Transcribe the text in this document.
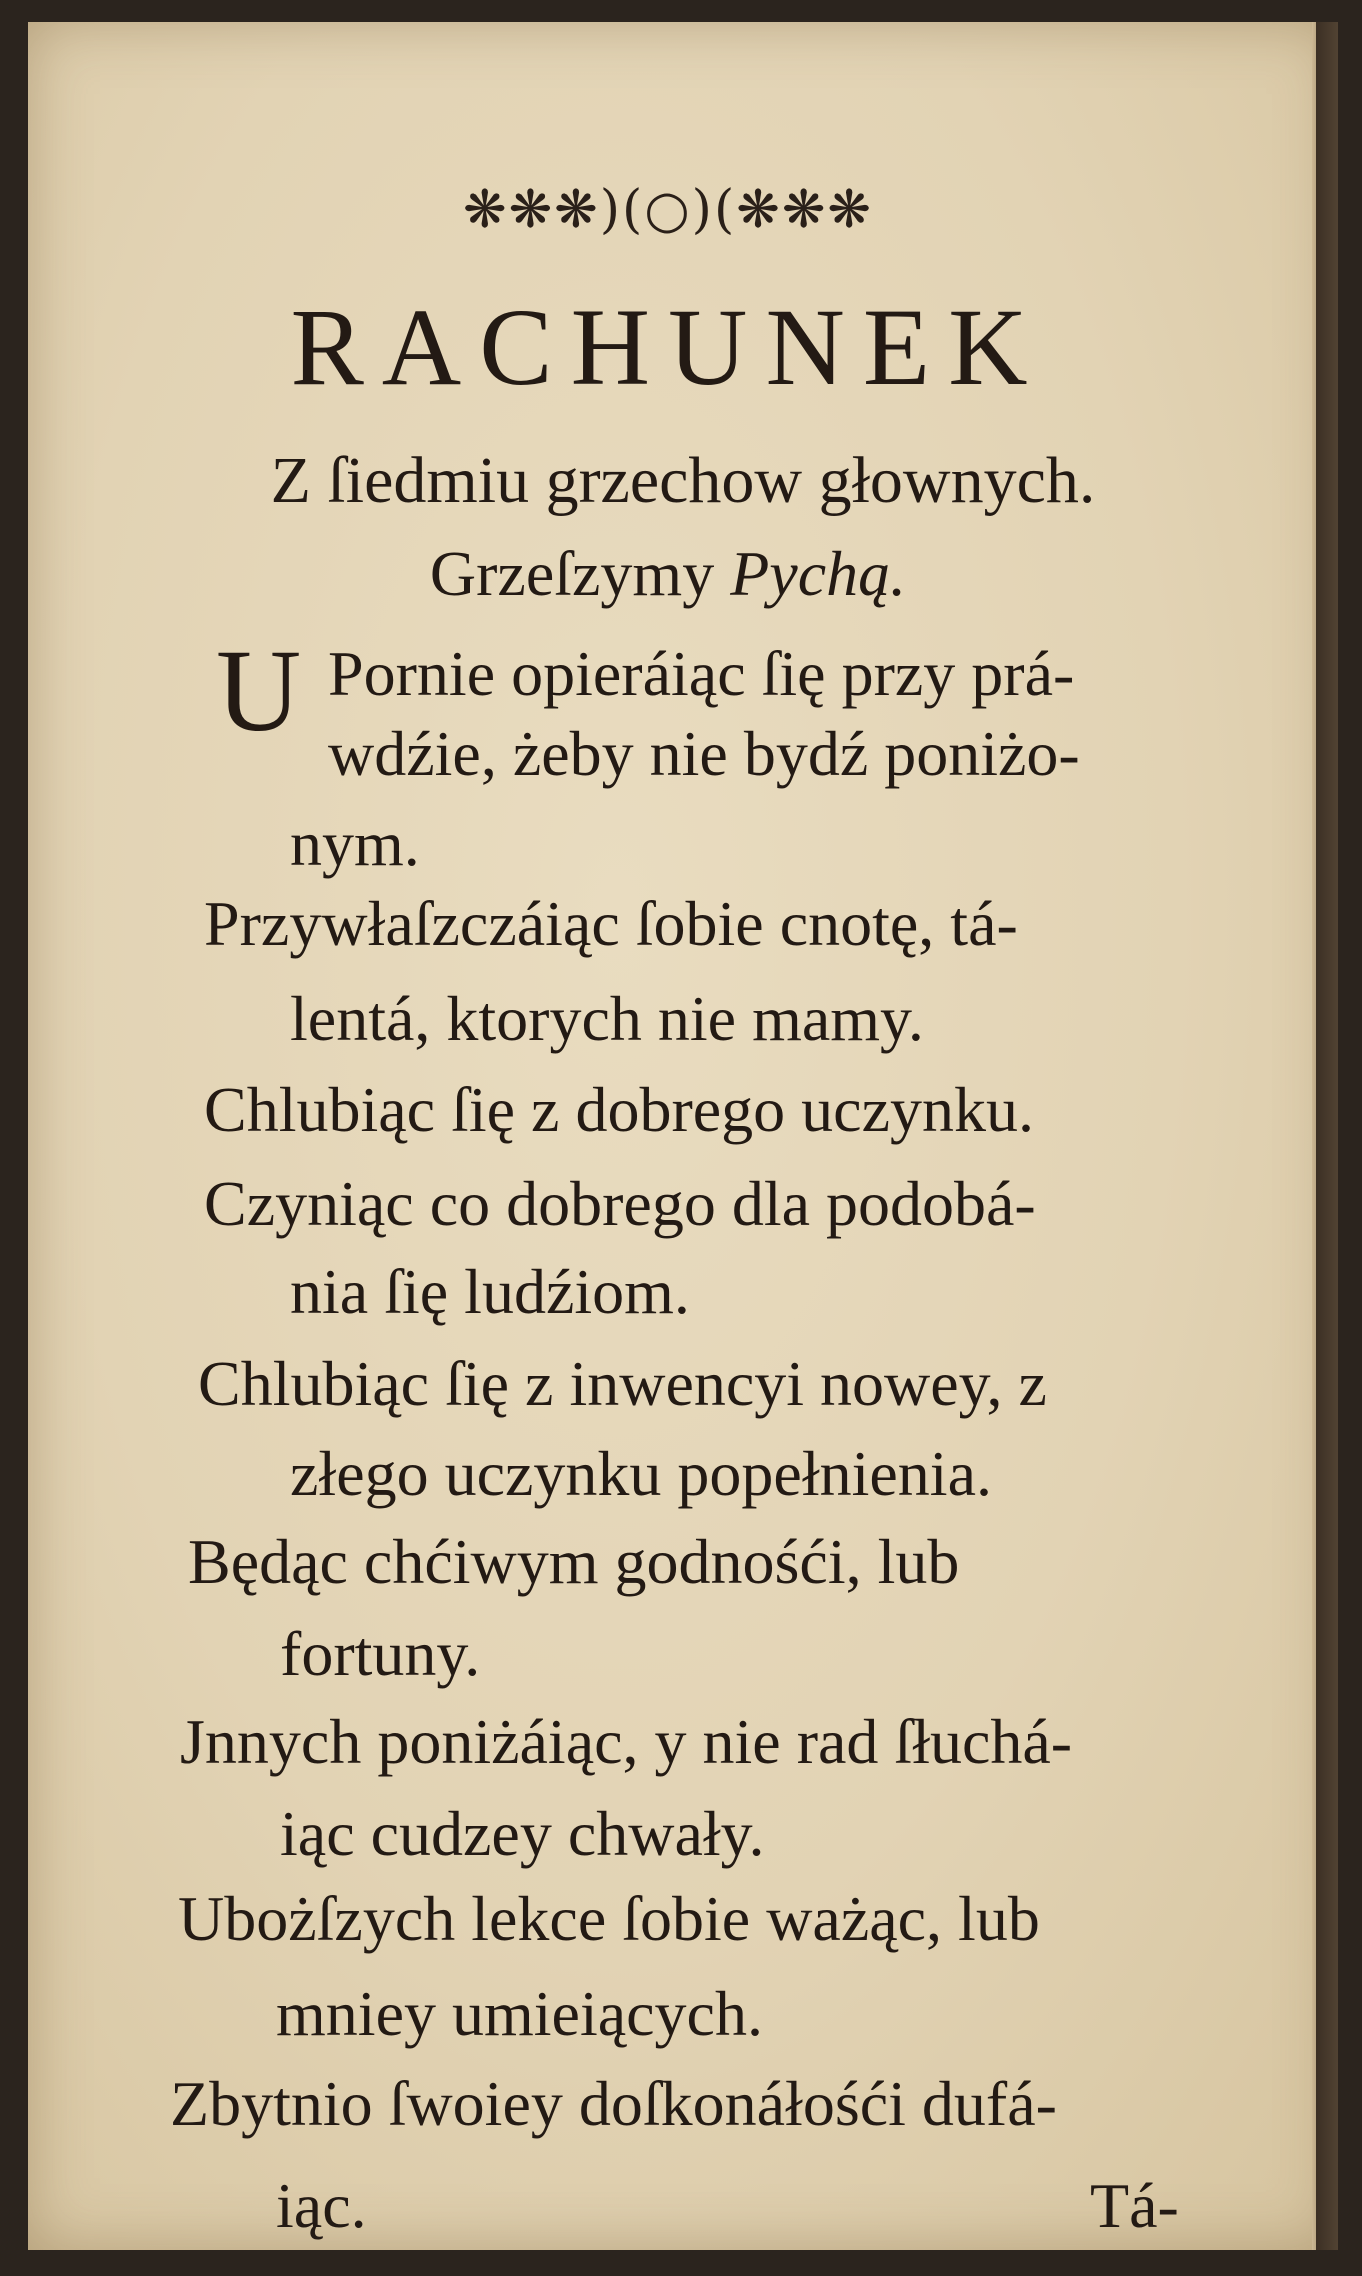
❋❋❋)(○)(❋❋❋
RACHUNEK
Z ſiedmiu grzechow głownych.
Grzeſzymy Pychą.
U Pornie opieráiąc ſię przy prá-
wdźie, żeby nie bydź poniżo-
nym.
Przywłaſzczáiąc ſobie cnotę, tá-
lentá, ktorych nie mamy.
Chlubiąc ſię z dobrego uczynku.
Czyniąc co dobrego dla podobá-
nia ſię ludźiom.
Chlubiąc ſię z inwencyi nowey, z
złego uczynku popełnienia.
Będąc chćiwym godnośći, lub
fortuny.
Jnnych poniżáiąc, y nie rad ſłuchá-
iąc cudzey chwały.
Ubożſzych lekce ſobie ważąc, lub
mniey umieiących.
Zbytnio ſwoiey doſkonáłośći dufá-
iąc.	Tá-
